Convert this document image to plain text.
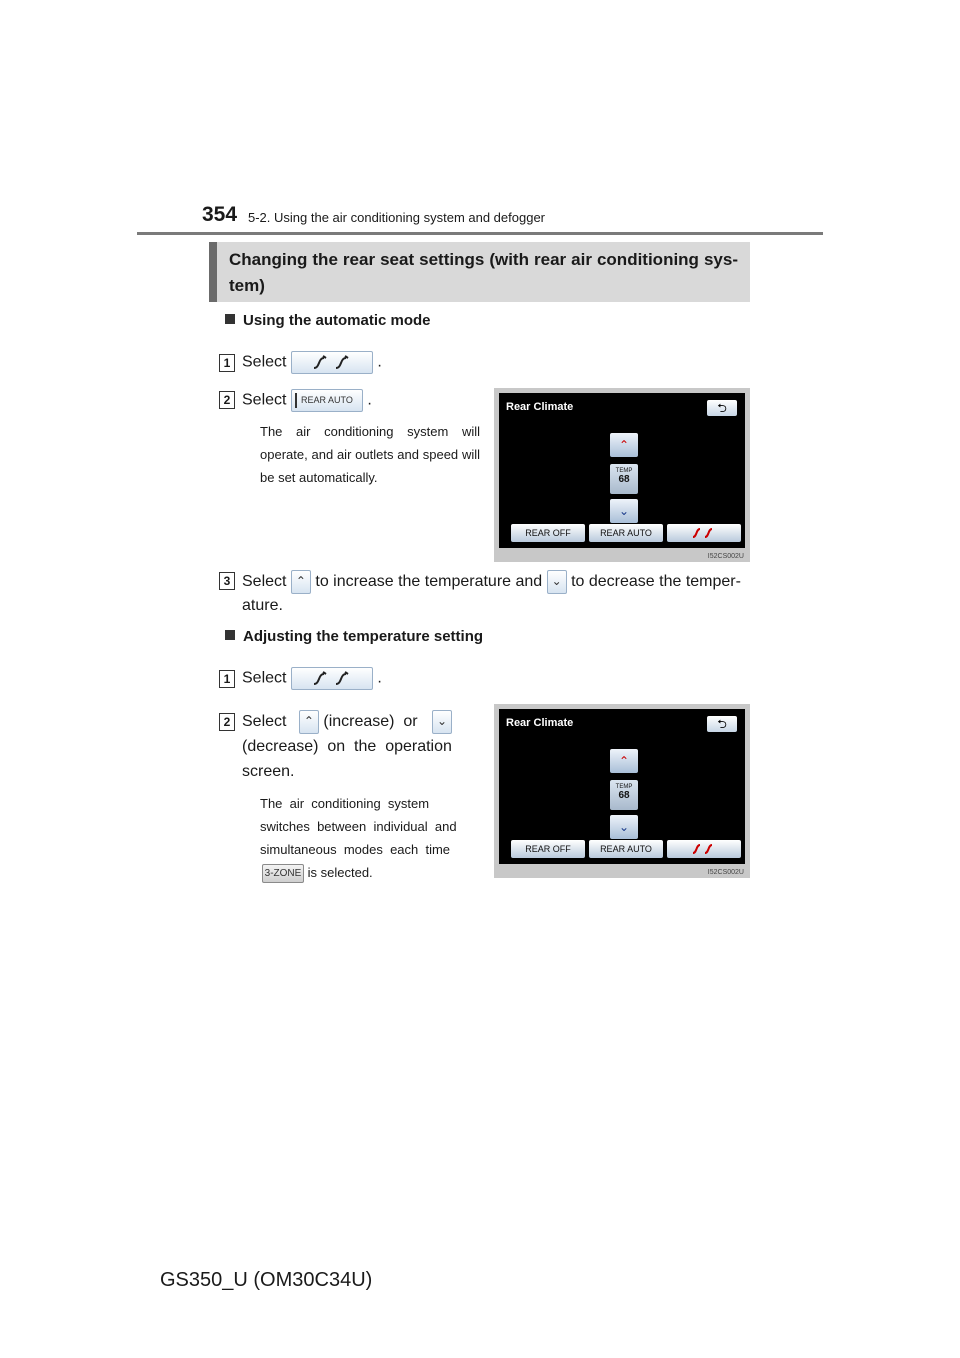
354 5-2. Using the air conditioning system and defogger
Changing the rear seat settings (with rear air conditioning sys-tem)
Using the automatic mode
1 Select	.
2 Select REAR AUTO .
The air conditioning system will operate, and air outlets and speed will be set automatically.
Rear Climate	⮌
⌃
TEMP
68
⌄
REAR OFF	REAR AUTO
I52CS002U
3 Select ⌃ to increase the temperature and ⌄ to decrease the temper-
ature.
Adjusting the temperature setting
1 Select	.
2 Select ⌃ (increase)  or ⌄
(decrease)  on  the  operation
screen.
The  air  conditioning  system
switches  between  individual  and
simultaneous  modes  each  time
3-ZONE is selected.
Rear Climate	⮌
⌃
TEMP
68
⌄
REAR OFF	REAR AUTO
I52CS002U
GS350_U (OM30C34U)
